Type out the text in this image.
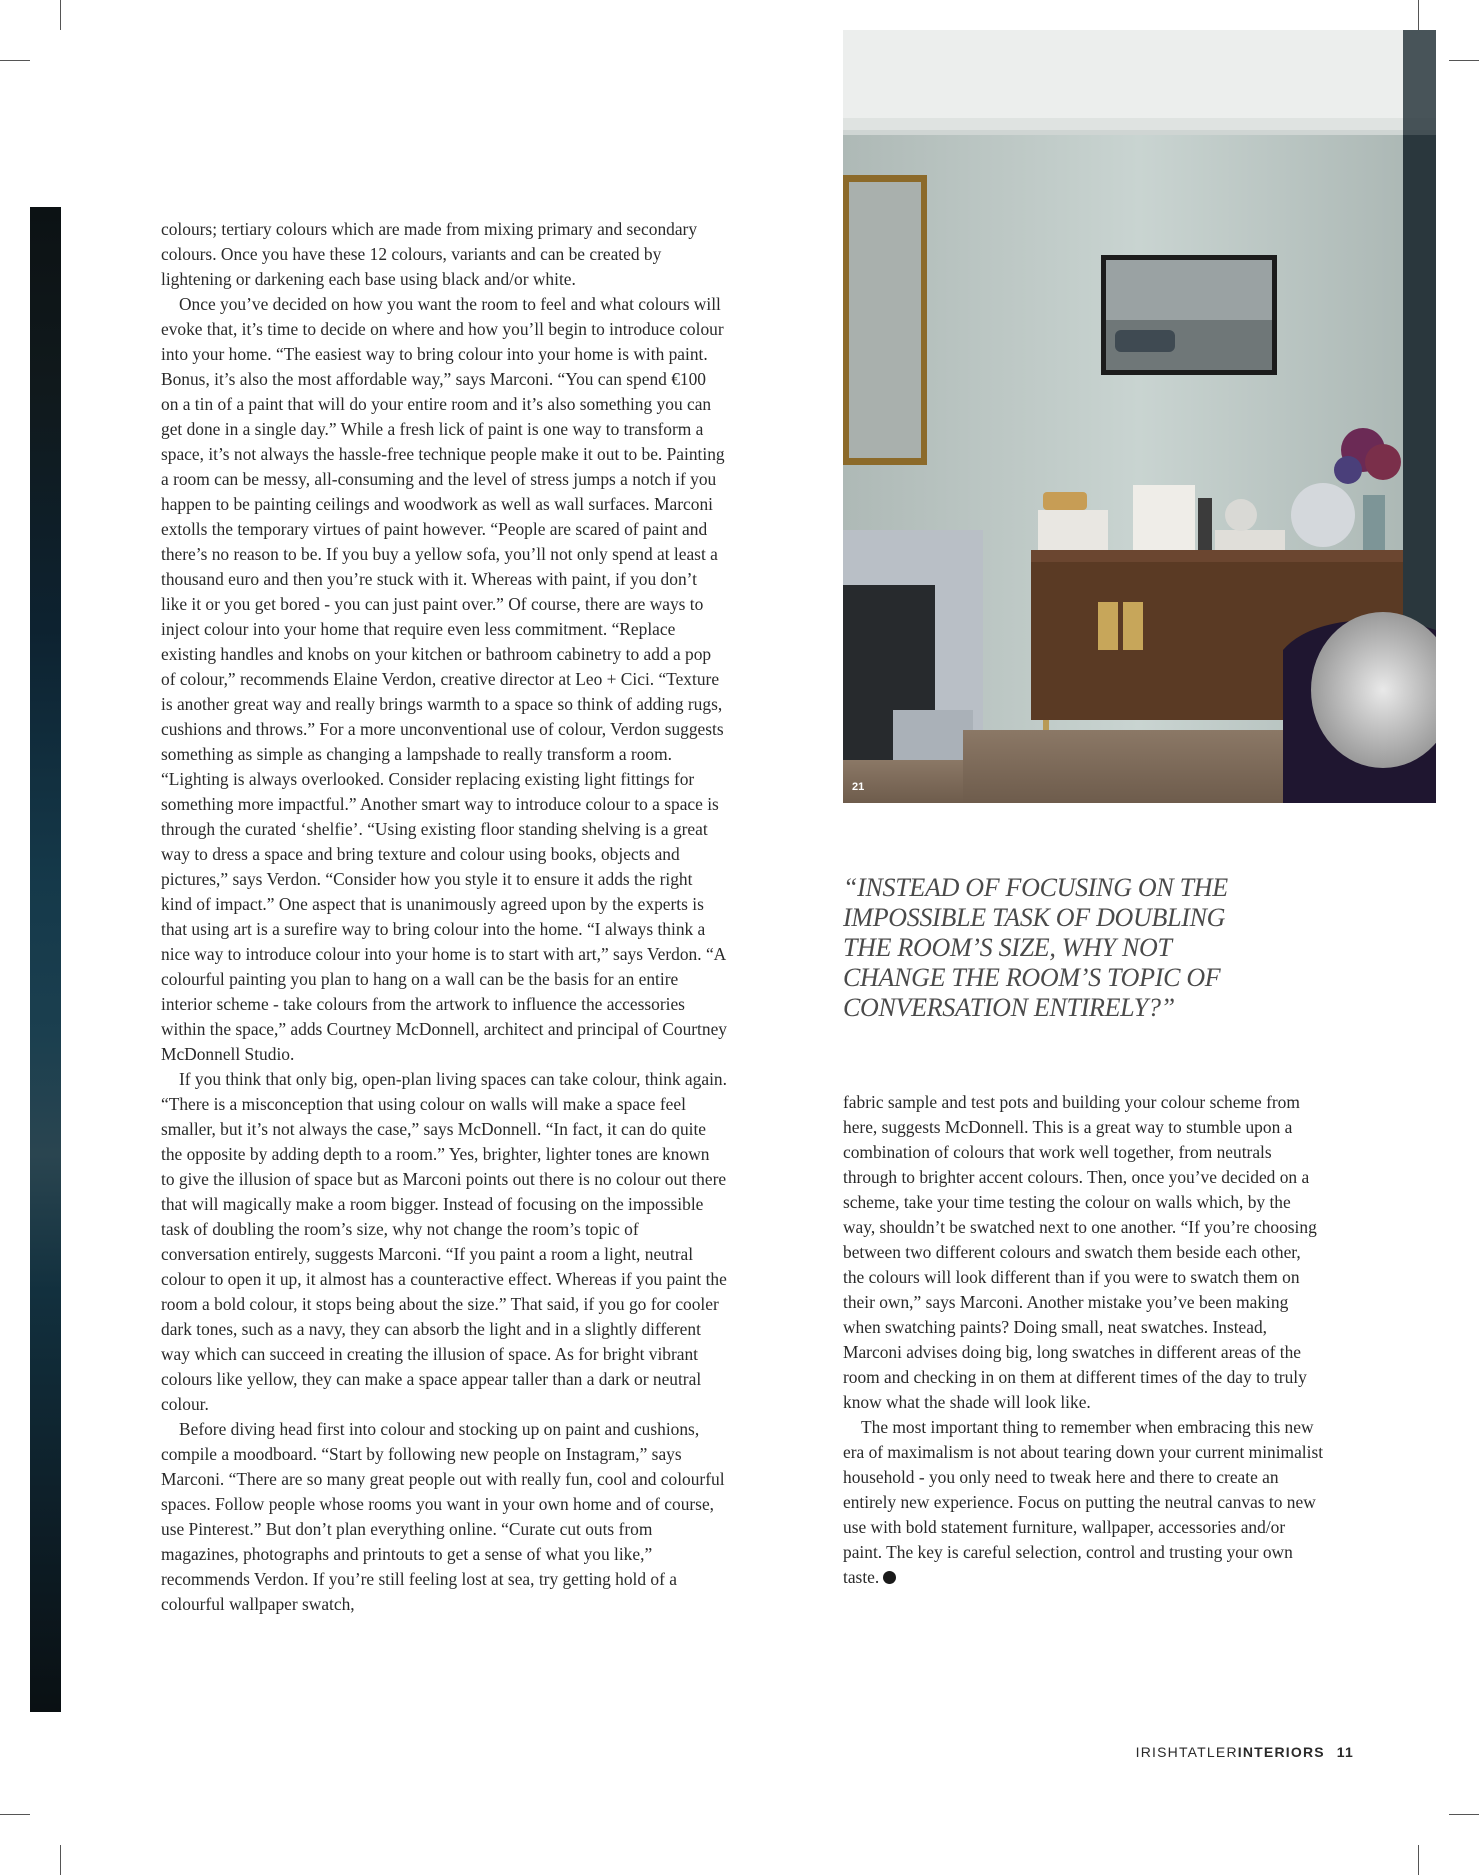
colours; tertiary colours which are made from mixing primary and secondary colours. Once you have these 12 colours, variants and can be created by lightening or darkening each base using black and/or white.

Once you’ve decided on how you want the room to feel and what colours will evoke that, it’s time to decide on where and how you’ll begin to introduce colour into your home. “The easiest way to bring colour into your home is with paint. Bonus, it’s also the most affordable way,” says Marconi. “You can spend €100 on a tin of a paint that will do your entire room and it’s also something you can get done in a single day.” While a fresh lick of paint is one way to transform a space, it’s not always the hassle-free technique people make it out to be. Painting a room can be messy, all-consuming and the level of stress jumps a notch if you happen to be painting ceilings and woodwork as well as wall surfaces. Marconi extolls the temporary virtues of paint however. “People are scared of paint and there’s no reason to be. If you buy a yellow sofa, you’ll not only spend at least a thousand euro and then you’re stuck with it. Whereas with paint, if you don’t like it or you get bored - you can just paint over.” Of course, there are ways to inject colour into your home that require even less commitment. “Replace existing handles and knobs on your kitchen or bathroom cabinetry to add a pop of colour,” recommends Elaine Verdon, creative director at Leo + Cici. “Texture is another great way and really brings warmth to a space so think of adding rugs, cushions and throws.” For a more unconventional use of colour, Verdon suggests something as simple as changing a lampshade to really transform a room. “Lighting is always overlooked. Consider replacing existing light fittings for something more impactful.” Another smart way to introduce colour to a space is through the curated ‘shelfie’. “Using existing floor standing shelving is a great way to dress a space and bring texture and colour using books, objects and pictures,” says Verdon. “Consider how you style it to ensure it adds the right kind of impact.” One aspect that is unanimously agreed upon by the experts is that using art is a surefire way to bring colour into the home. “I always think a nice way to introduce colour into your home is to start with art,” says Verdon. “A colourful painting you plan to hang on a wall can be the basis for an entire interior scheme - take colours from the artwork to influence the accessories within the space,” adds Courtney McDonnell, architect and principal of Courtney McDonnell Studio.

If you think that only big, open-plan living spaces can take colour, think again. “There is a misconception that using colour on walls will make a space feel smaller, but it’s not always the case,” says McDonnell. “In fact, it can do quite the opposite by adding depth to a room.” Yes, brighter, lighter tones are known to give the illusion of space but as Marconi points out there is no colour out there that will magically make a room bigger. Instead of focusing on the impossible task of doubling the room’s size, why not change the room’s topic of conversation entirely, suggests Marconi. “If you paint a room a light, neutral colour to open it up, it almost has a counteractive effect. Whereas if you paint the room a bold colour, it stops being about the size.” That said, if you go for cooler dark tones, such as a navy, they can absorb the light and in a slightly different way which can succeed in creating the illusion of space. As for bright vibrant colours like yellow, they can make a space appear taller than a dark or neutral colour.

Before diving head first into colour and stocking up on paint and cushions, compile a moodboard. “Start by following new people on Instagram,” says Marconi. “There are so many great people out with really fun, cool and colourful spaces. Follow people whose rooms you want in your own home and of course, use Pinterest.” But don’t plan everything online. “Curate cut outs from magazines, photographs and printouts to get a sense of what you like,” recommends Verdon. If you’re still feeling lost at sea, try getting hold of a colourful wallpaper swatch,

21

“INSTEAD OF FOCUSING ON THE IMPOSSIBLE TASK OF DOUBLING THE ROOM’S SIZE, WHY NOT CHANGE THE ROOM’S TOPIC OF CONVERSATION ENTIRELY?”

fabric sample and test pots and building your colour scheme from here, suggests McDonnell. This is a great way to stumble upon a combination of colours that work well together, from neutrals through to brighter accent colours. Then, once you’ve decided on a scheme, take your time testing the colour on walls which, by the way, shouldn’t be swatched next to one another. “If you’re choosing between two different colours and swatch them beside each other, the colours will look different than if you were to swatch them on their own,” says Marconi. Another mistake you’ve been making when swatching paints? Doing small, neat swatches. Instead, Marconi advises doing big, long swatches in different areas of the room and checking in on them at different times of the day to truly know what the shade will look like.

The most important thing to remember when embracing this new era of maximalism is not about tearing down your current minimalist household - you only need to tweak here and there to create an entirely new experience. Focus on putting the neutral canvas to new use with bold statement furniture, wallpaper, accessories and/or paint. The key is careful selection, control and trusting your own taste.

IRISHTATLERINTERIORS 11
